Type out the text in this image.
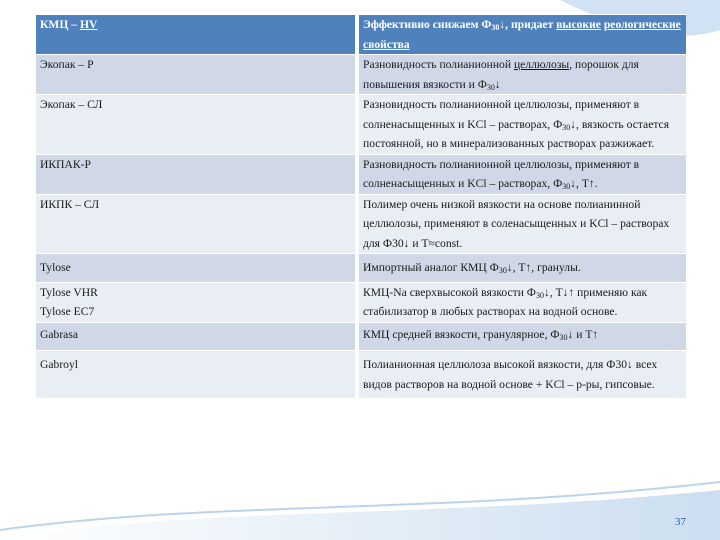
КМЦ – HV	Эффективно снижаем $Ф_{30}↓$, придает высокие реологические свойства
Экопак – Р	Разновидность полианионной целлюлозы, порошок для повышения вязкости и $Ф_{30}↓$
Экопак – СЛ	Разновидность полианионной целлюлозы, применяют в солненасыщенных и KCl – растворах, $Ф_{30}↓$, вязкость остается постоянной, но в минерализованных растворах разжижает.
ИКПАК-Р	Разновидность полианионной целлюлозы, применяют в солненасыщенных и KCl – растворах, $Ф_{30}↓$, Т↑.
ИКПК – СЛ	Полимер очень низкой вязкости на основе полианинной целлюлозы, применяют в соленасыщенных и KCl – растворах для Ф30↓ и Т≈const.
Tylose	Импортный аналог КМЦ $Ф_{30}↓$, Т↑, гранулы.

Tylose VHR
Tylose EC7	КМЦ-Na сверхвысокой вязкости $Ф_{30}↓$, Т↓↑ применяю как стабилизатор в любых растворах на водной основе.
Gabrasa	КМЦ средней вязкости, гранулярное, $Ф_{30}↓$ и Т↑
Gabroyl	Полианионная целлюлоза высокой вязкости, для Ф30↓ всех видов растворов на водной основе + KCl – р-ры, гипсовые.
37
